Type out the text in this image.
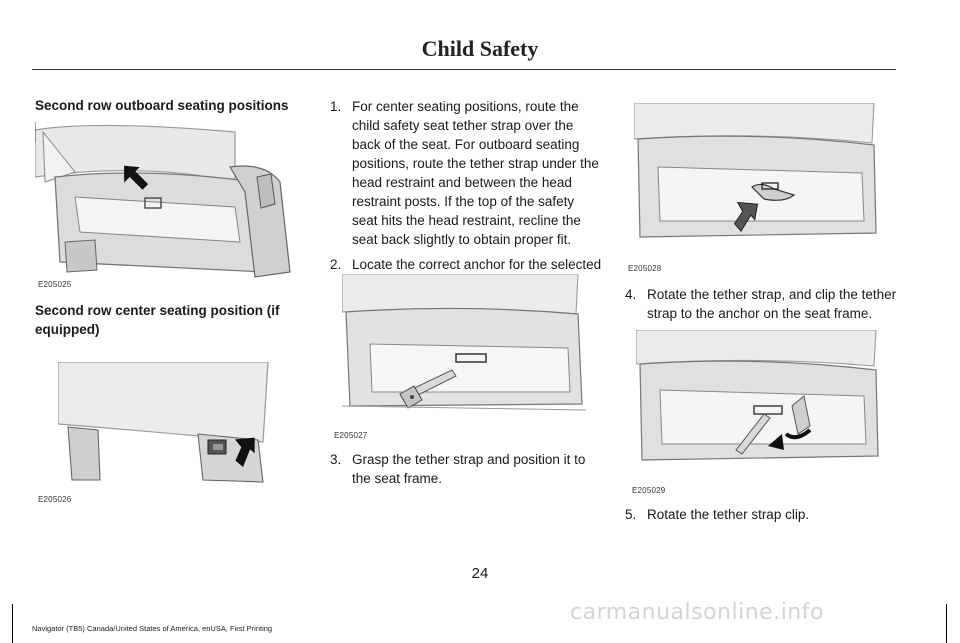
Child Safety
Second row outboard seating positions
E205025
Second row center seating position (if equipped)
E205026
1. For center seating positions, route the child safety seat tether strap over the back of the seat. For outboard seating positions, route the tether strap under the head restraint and between the head restraint posts. If the top of the safety seat hits the head restraint, recline the seat back slightly to obtain proper fit.
2. Locate the correct anchor for the selected
E205027
3. Grasp the tether strap and position it to the seat frame.
E205028
4. Rotate the tether strap, and clip the tether strap to the anchor on the seat frame.
E205029
5. Rotate the tether strap clip.
24
Navigator (TB5) Canada/United States of America, enUSA, First Printing
carmanualsonline.info
